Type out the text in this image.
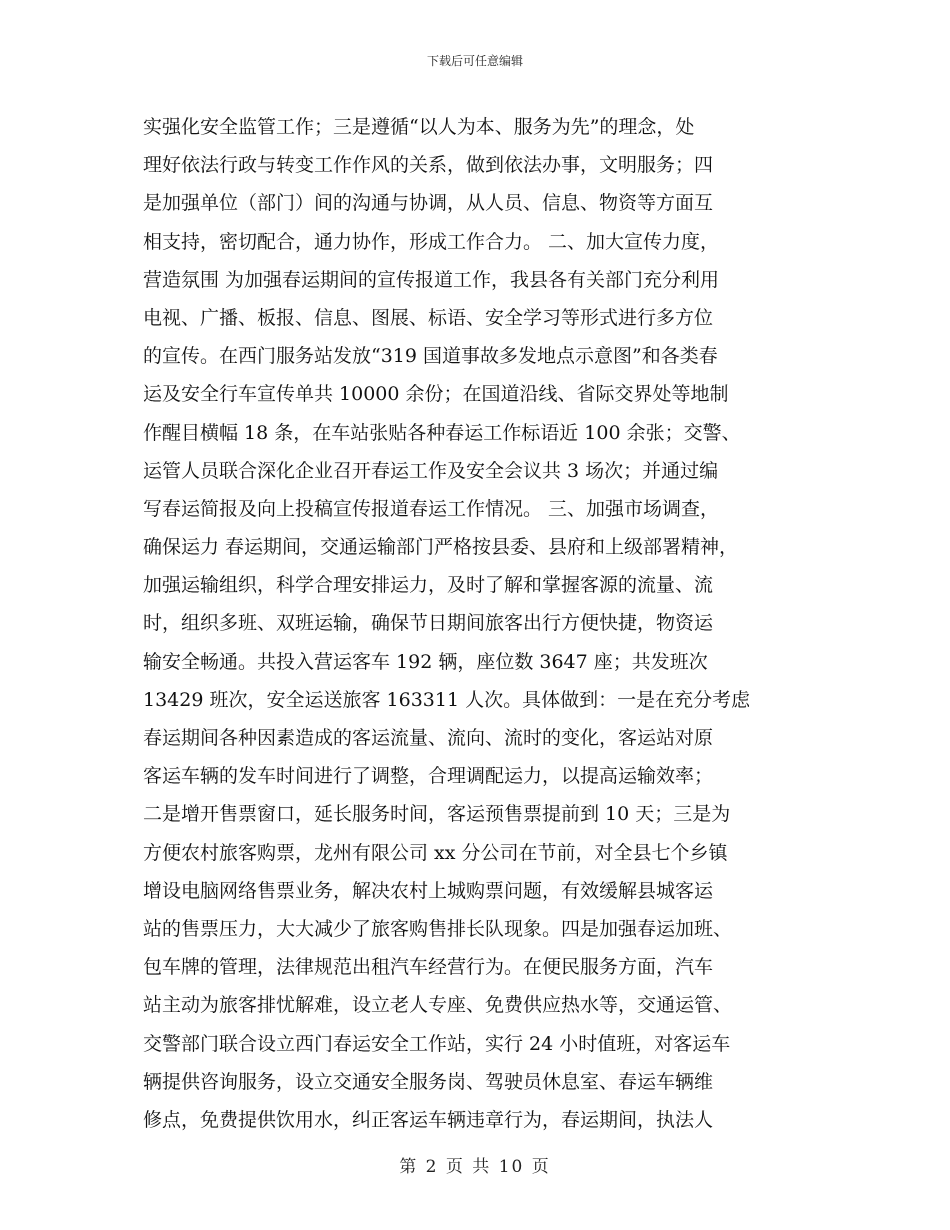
下载后可任意编辑
实强化安全监管工作；三是遵循“以人为本、服务为先”的理念，处
理好依法行政与转变工作作风的关系，做到依法办事，文明服务；四
是加强单位（部门）间的沟通与协调，从人员、信息、物资等方面互
相支持，密切配合，通力协作，形成工作合力。 二、加大宣传力度，
营造氛围 为加强春运期间的宣传报道工作，我县各有关部门充分利用
电视、广播、板报、信息、图展、标语、安全学习等形式进行多方位
的宣传。在西门服务站发放“319 国道事故多发地点示意图”和各类春
运及安全行车宣传单共 10000 余份；在国道沿线、省际交界处等地制
作醒目横幅 18 条，在车站张贴各种春运工作标语近 100 余张；交警、
运管人员联合深化企业召开春运工作及安全会议共 3 场次；并通过编
写春运简报及向上投稿宣传报道春运工作情况。 三、加强市场调查，
确保运力 春运期间，交通运输部门严格按县委、县府和上级部署精神，
加强运输组织，科学合理安排运力，及时了解和掌握客源的流量、流
时，组织多班、双班运输，确保节日期间旅客出行方便快捷，物资运
输安全畅通。共投入营运客车 192 辆，座位数 3647 座；共发班次
13429 班次，安全运送旅客 163311 人次。具体做到：一是在充分考虑
春运期间各种因素造成的客运流量、流向、流时的变化，客运站对原
客运车辆的发车时间进行了调整，合理调配运力，以提高运输效率；
二是增开售票窗口，延长服务时间，客运预售票提前到 10 天；三是为
方便农村旅客购票，龙州有限公司 xx 分公司在节前，对全县七个乡镇
增设电脑网络售票业务，解决农村上城购票问题，有效缓解县城客运
站的售票压力，大大减少了旅客购售排长队现象。四是加强春运加班、
包车牌的管理，法律规范出租汽车经营行为。在便民服务方面，汽车
站主动为旅客排忧解难，设立老人专座、免费供应热水等，交通运管、
交警部门联合设立西门春运安全工作站，实行 24 小时值班，对客运车
辆提供咨询服务，设立交通安全服务岗、驾驶员休息室、春运车辆维
修点，免费提供饮用水，纠正客运车辆违章行为，春运期间，执法人
第 2 页 共 10 页
